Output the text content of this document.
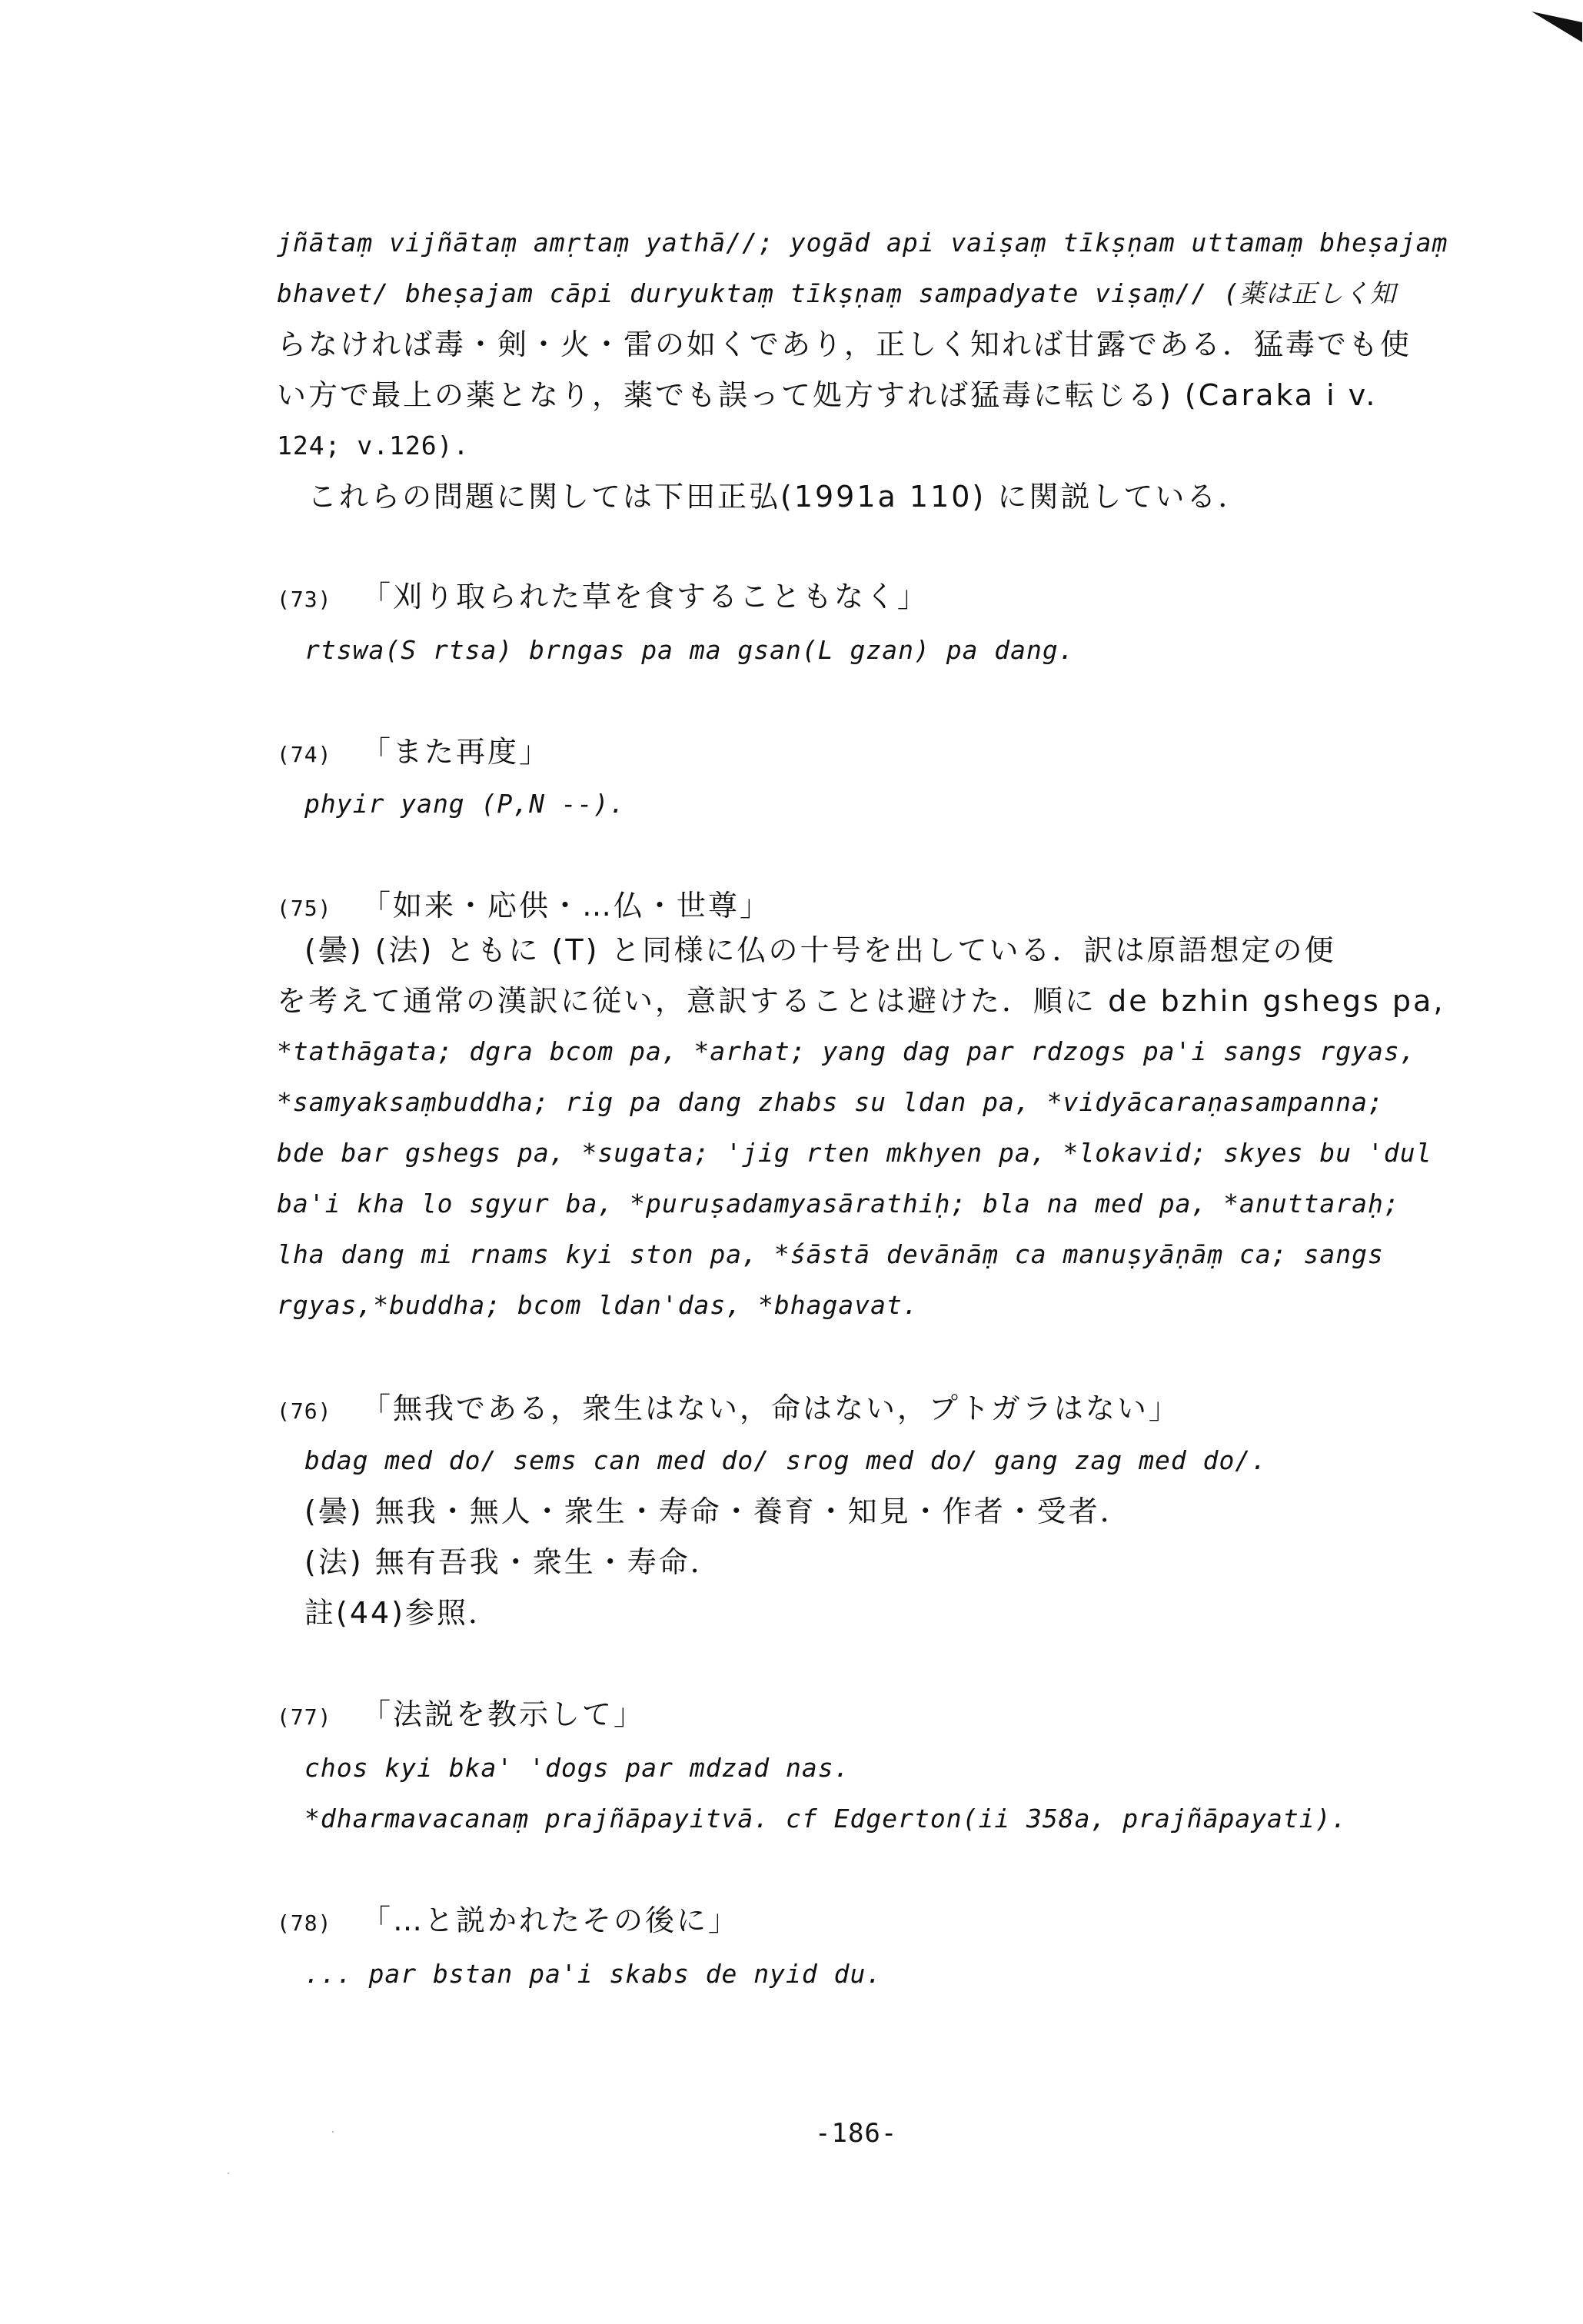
jñātaṃ vijñātaṃ amṛtaṃ yathā//; yogād api vaiṣaṃ tīkṣṇam uttamaṃ bheṣajaṃ
bhavet/ bheṣajam cāpi duryuktaṃ tīkṣṇaṃ sampadyate viṣaṃ// (薬は正しく知
らなければ毒・剣・火・雷の如くであり，正しく知れば甘露である．猛毒でも使
い方で最上の薬となり，薬でも誤って処方すれば猛毒に転じる) (Caraka i v.
124; v.126).
これらの問題に関しては下田正弘(1991a 110) に関説している．
(73) 「刈り取られた草を食することもなく」
rtswa(S rtsa) brngas pa ma gsan(L gzan) pa dang.
(74) 「また再度」
phyir yang (P,N --).
(75) 「如来・応供・…仏・世尊」
(曇) (法) ともに (T) と同様に仏の十号を出している．訳は原語想定の便
を考えて通常の漢訳に従い，意訳することは避けた．順に de bzhin gshegs pa,
*tathāgata; dgra bcom pa, *arhat; yang dag par rdzogs pa'i sangs rgyas,
*samyaksaṃbuddha; rig pa dang zhabs su ldan pa, *vidyācaraṇasampanna;
bde bar gshegs pa, *sugata; 'jig rten mkhyen pa, *lokavid; skyes bu 'dul
ba'i kha lo sgyur ba, *puruṣadamyasārathiḥ; bla na med pa, *anuttaraḥ;
lha dang mi rnams kyi ston pa, *śāstā devānāṃ ca manuṣyāṇāṃ ca; sangs
rgyas,*buddha; bcom ldan'das, *bhagavat.
(76) 「無我である，衆生はない，命はない，プトガラはない」
bdag med do/ sems can med do/ srog med do/ gang zag med do/.
(曇) 無我・無人・衆生・寿命・養育・知見・作者・受者．
(法) 無有吾我・衆生・寿命．
註(44)参照．
(77) 「法説を教示して」
chos kyi bka' 'dogs par mdzad nas.
*dharmavacanaṃ prajñāpayitvā. cf Edgerton(ii 358a, prajñāpayati).
(78) 「…と説かれたその後に」
... par bstan pa'i skabs de nyid du.
-186-
